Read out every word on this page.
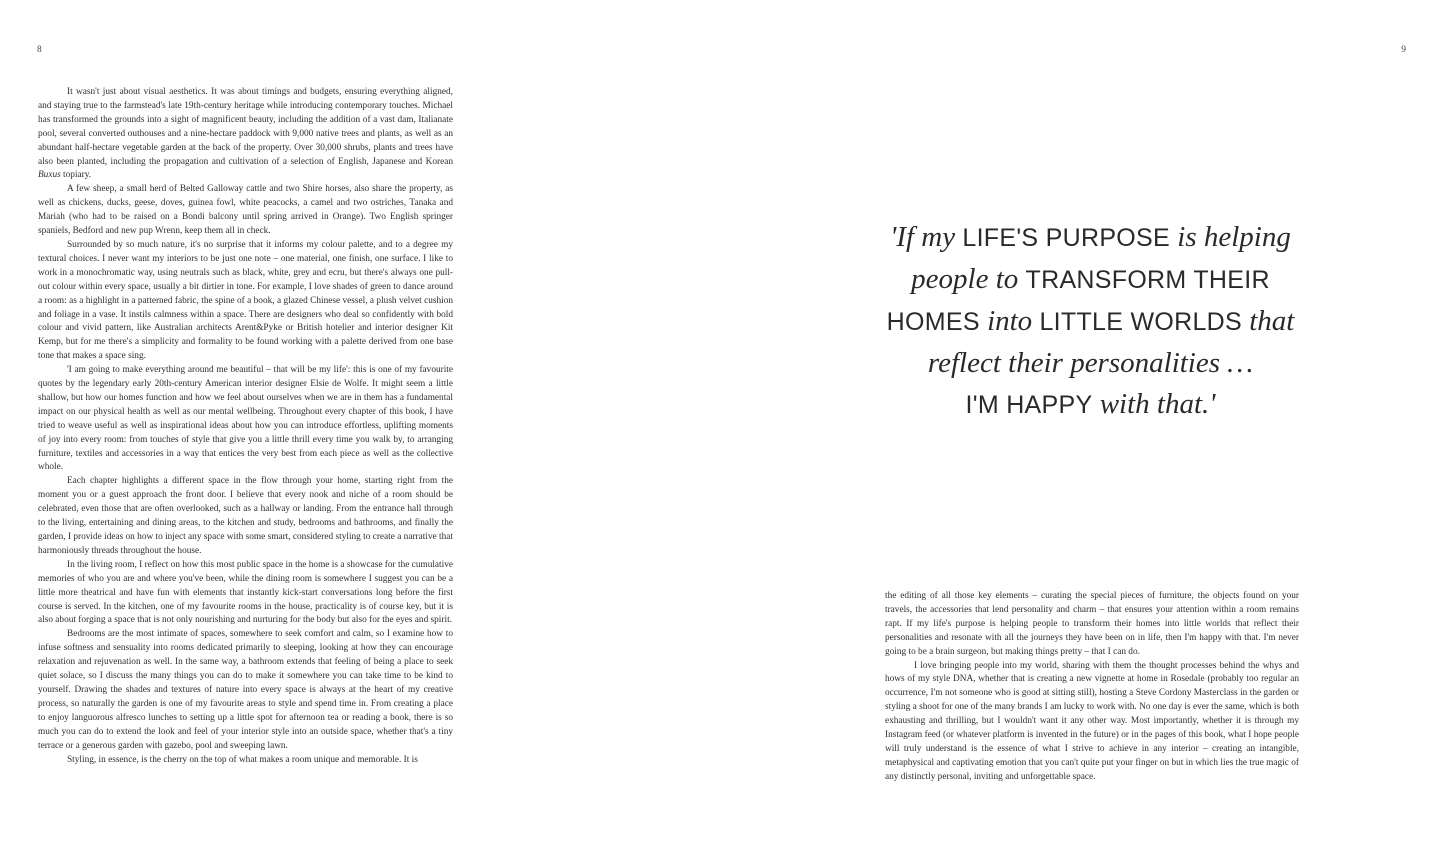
8	9

It wasn't just about visual aesthetics. It was about timings and budgets, ensuring everything aligned, and staying true to the farmstead's late 19th-century heritage while introducing contemporary touches. Michael has transformed the grounds into a sight of magnificent beauty, including the addition of a vast dam, Italianate pool, several converted outhouses and a nine-hectare paddock with 9,000 native trees and plants, as well as an abundant half-hectare vegetable garden at the back of the property. Over 30,000 shrubs, plants and trees have also been planted, including the propagation and cultivation of a selection of English, Japanese and Korean Buxus topiary.

A few sheep, a small herd of Belted Galloway cattle and two Shire horses, also share the property, as well as chickens, ducks, geese, doves, guinea fowl, white peacocks, a camel and two ostriches, Tanaka and Mariah (who had to be raised on a Bondi balcony until spring arrived in Orange). Two English springer spaniels, Bedford and new pup Wrenn, keep them all in check.

Surrounded by so much nature, it's no surprise that it informs my colour palette, and to a degree my textural choices. I never want my interiors to be just one note – one material, one finish, one surface. I like to work in a monochromatic way, using neutrals such as black, white, grey and ecru, but there's always one pull-out colour within every space, usually a bit dirtier in tone. For example, I love shades of green to dance around a room: as a highlight in a patterned fabric, the spine of a book, a glazed Chinese vessel, a plush velvet cushion and foliage in a vase. It instils calmness within a space. There are designers who deal so confidently with bold colour and vivid pattern, like Australian architects Arent&Pyke or British hotelier and interior designer Kit Kemp, but for me there's a simplicity and formality to be found working with a palette derived from one base tone that makes a space sing.

'I am going to make everything around me beautiful – that will be my life': this is one of my favourite quotes by the legendary early 20th-century American interior designer Elsie de Wolfe. It might seem a little shallow, but how our homes function and how we feel about ourselves when we are in them has a fundamental impact on our physical health as well as our mental wellbeing. Throughout every chapter of this book, I have tried to weave useful as well as inspirational ideas about how you can introduce effortless, uplifting moments of joy into every room: from touches of style that give you a little thrill every time you walk by, to arranging furniture, textiles and accessories in a way that entices the very best from each piece as well as the collective whole.

Each chapter highlights a different space in the flow through your home, starting right from the moment you or a guest approach the front door. I believe that every nook and niche of a room should be celebrated, even those that are often overlooked, such as a hallway or landing. From the entrance hall through to the living, entertaining and dining areas, to the kitchen and study, bedrooms and bathrooms, and finally the garden, I provide ideas on how to inject any space with some smart, considered styling to create a narrative that harmoniously threads throughout the house.

In the living room, I reflect on how this most public space in the home is a showcase for the cumulative memories of who you are and where you've been, while the dining room is somewhere I suggest you can be a little more theatrical and have fun with elements that instantly kick-start conversations long before the first course is served. In the kitchen, one of my favourite rooms in the house, practicality is of course key, but it is also about forging a space that is not only nourishing and nurturing for the body but also for the eyes and spirit.

Bedrooms are the most intimate of spaces, somewhere to seek comfort and calm, so I examine how to infuse softness and sensuality into rooms dedicated primarily to sleeping, looking at how they can encourage relaxation and rejuvenation as well. In the same way, a bathroom extends that feeling of being a place to seek quiet solace, so I discuss the many things you can do to make it somewhere you can take time to be kind to yourself. Drawing the shades and textures of nature into every space is always at the heart of my creative process, so naturally the garden is one of my favourite areas to style and spend time in. From creating a place to enjoy languorous alfresco lunches to setting up a little spot for afternoon tea or reading a book, there is so much you can do to extend the look and feel of your interior style into an outside space, whether that's a tiny terrace or a generous garden with gazebo, pool and sweeping lawn.

Styling, in essence, is the cherry on the top of what makes a room unique and memorable. It is

'If my LIFE'S PURPOSE is helping
people to TRANSFORM THEIR
HOMES into LITTLE WORLDS that
reflect their personalities …
I'M HAPPY with that.'

the editing of all those key elements – curating the special pieces of furniture, the objects found on your travels, the accessories that lend personality and charm – that ensures your attention within a room remains rapt. If my life's purpose is helping people to transform their homes into little worlds that reflect their personalities and resonate with all the journeys they have been on in life, then I'm happy with that. I'm never going to be a brain surgeon, but making things pretty – that I can do.

I love bringing people into my world, sharing with them the thought processes behind the whys and hows of my style DNA, whether that is creating a new vignette at home in Rosedale (probably too regular an occurrence, I'm not someone who is good at sitting still), hosting a Steve Cordony Masterclass in the garden or styling a shoot for one of the many brands I am lucky to work with. No one day is ever the same, which is both exhausting and thrilling, but I wouldn't want it any other way. Most importantly, whether it is through my Instagram feed (or whatever platform is invented in the future) or in the pages of this book, what I hope people will truly understand is the essence of what I strive to achieve in any interior – creating an intangible, metaphysical and captivating emotion that you can't quite put your finger on but in which lies the true magic of any distinctly personal, inviting and unforgettable space.
